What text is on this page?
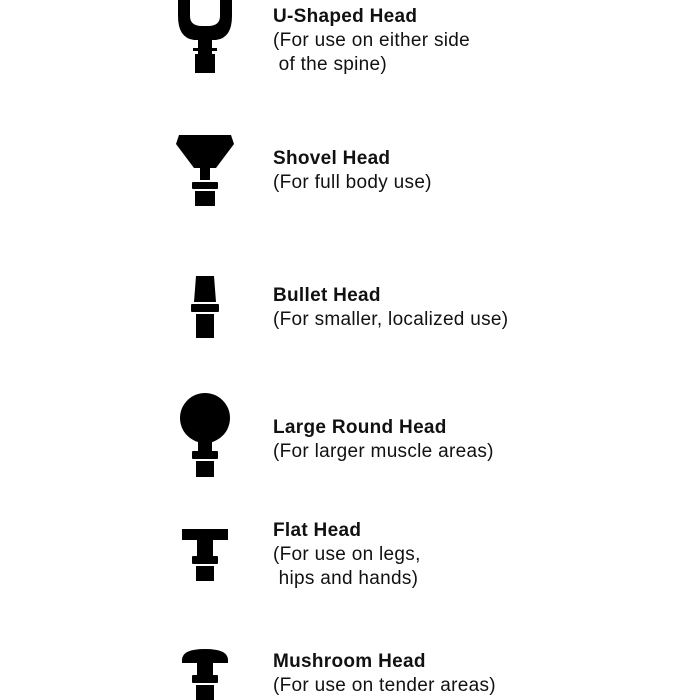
U-Shaped Head
(For use on either side
of the spine)
Shovel Head
(For full body use)
Bullet Head
(For smaller, localized use)
Large Round Head
(For larger muscle areas)
Flat Head
(For use on legs,
hips and hands)
Mushroom Head
(For use on tender areas)
